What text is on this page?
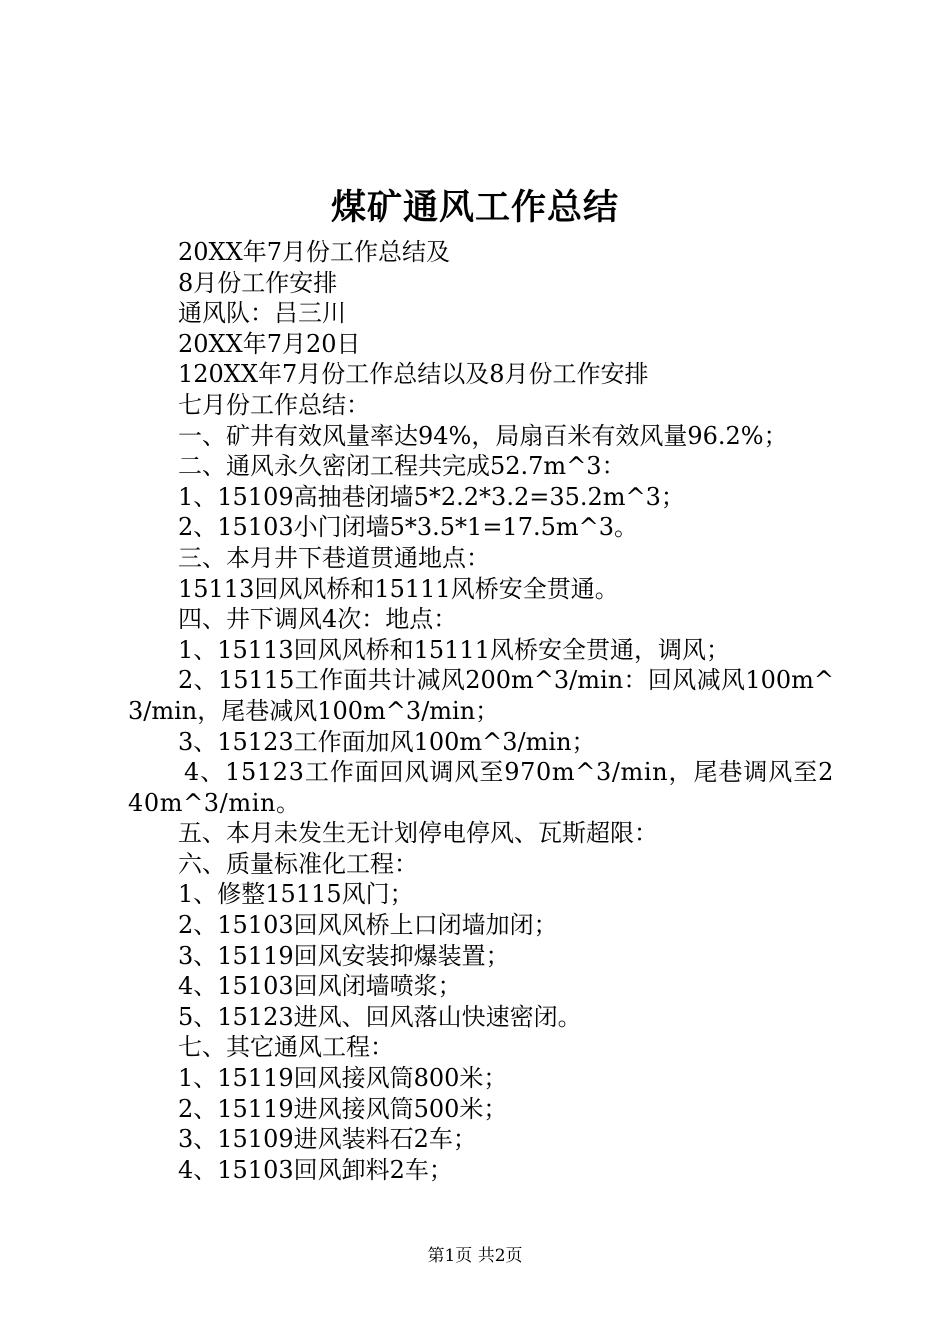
煤矿通风工作总结

20XX年7月份工作总结及

8月份工作安排

通风队：吕三川

20XX年7月20日

120XX年7月份工作总结以及8月份工作安排

七月份工作总结：

一、矿井有效风量率达94%，局扇百米有效风量96.2%；

二、通风永久密闭工程共完成52.7m^3：

1、15109高抽巷闭墙5*2.2*3.2=35.2m^3；

2、15103小门闭墙5*3.5*1=17.5m^3。

三、本月井下巷道贯通地点：

15113回风风桥和15111风桥安全贯通。

四、井下调风4次：地点：

1、15113回风风桥和15111风桥安全贯通，调风；

2、15115工作面共计减风200m^3/min：回风减风100m^3/min，尾巷减风100m^3/min；

3、15123工作面加风100m^3/min；

4、15123工作面回风调风至970m^3/min，尾巷调风至240m^3/min。

五、本月未发生无计划停电停风、瓦斯超限：

六、质量标准化工程：

1、修整15115风门；

2、15103回风风桥上口闭墙加闭；

3、15119回风安装抑爆装置；

4、15103回风闭墙喷浆；

5、15123进风、回风落山快速密闭。

七、其它通风工程：

1、15119回风接风筒800米；

2、15119进风接风筒500米；

3、15109进风装料石2车；

4、15103回风卸料2车；

第1页 共2页
